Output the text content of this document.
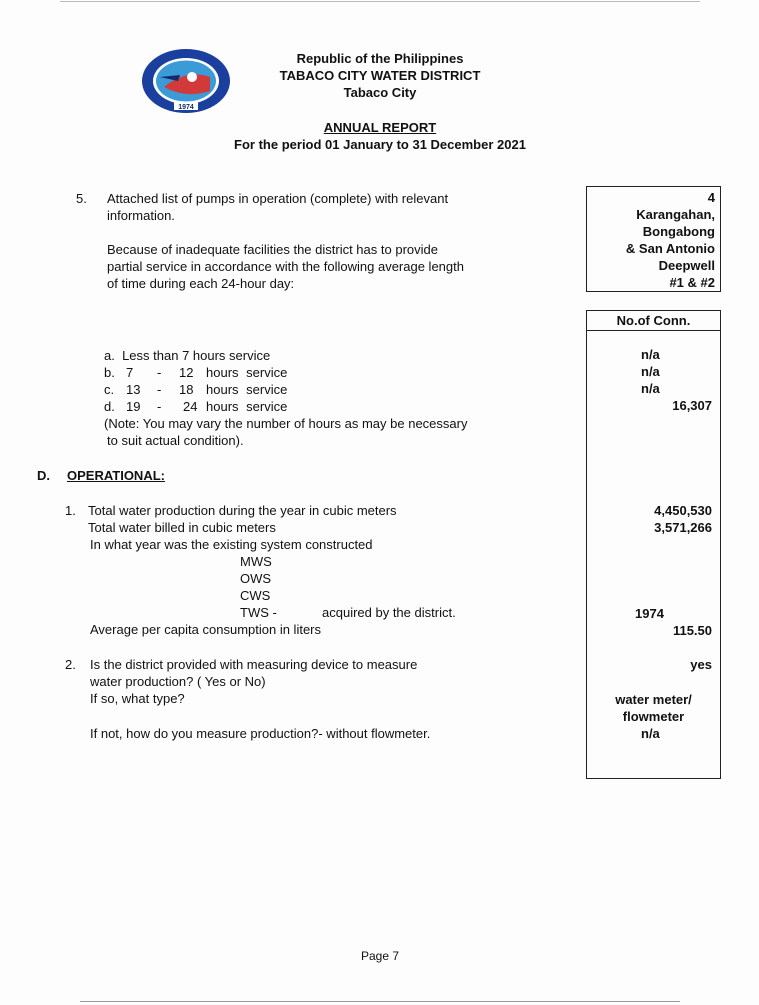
1974
Republic of the Philippines
TABACO CITY WATER DISTRICT
Tabaco City
ANNUAL REPORT
For the period 01 January to 31 December 2021
5. Attached list of pumps in operation (complete) with relevant
information.
Because of inadequate facilities the district has to provide
partial service in accordance with the following average length
of time during each 24-hour day:
4
Karangahan,
Bongabong
& San Antonio
Deepwell
#1 & #2
No.of Conn.
n/a
n/a
n/a
16,307
4,450,530
3,571,266
1974
115.50
yes
water meter/
flowmeter
n/a
a. Less than 7 hours service
b. 7 - 12 hours service
c. 13 - 18 hours service
d. 19 - 24 hours service
(Note: You may vary the number of hours as may be necessary
to suit actual condition).
D. OPERATIONAL:
1. Total water production during the year in cubic meters
Total water billed in cubic meters
In what year was the existing system constructed
MWS
OWS
CWS
TWS -	acquired by the district.
Average per capita consumption in liters
2. Is the district provided with measuring device to measure
water production? ( Yes or No)
If so, what type?
If not, how do you measure production?- without flowmeter.
Page 7
